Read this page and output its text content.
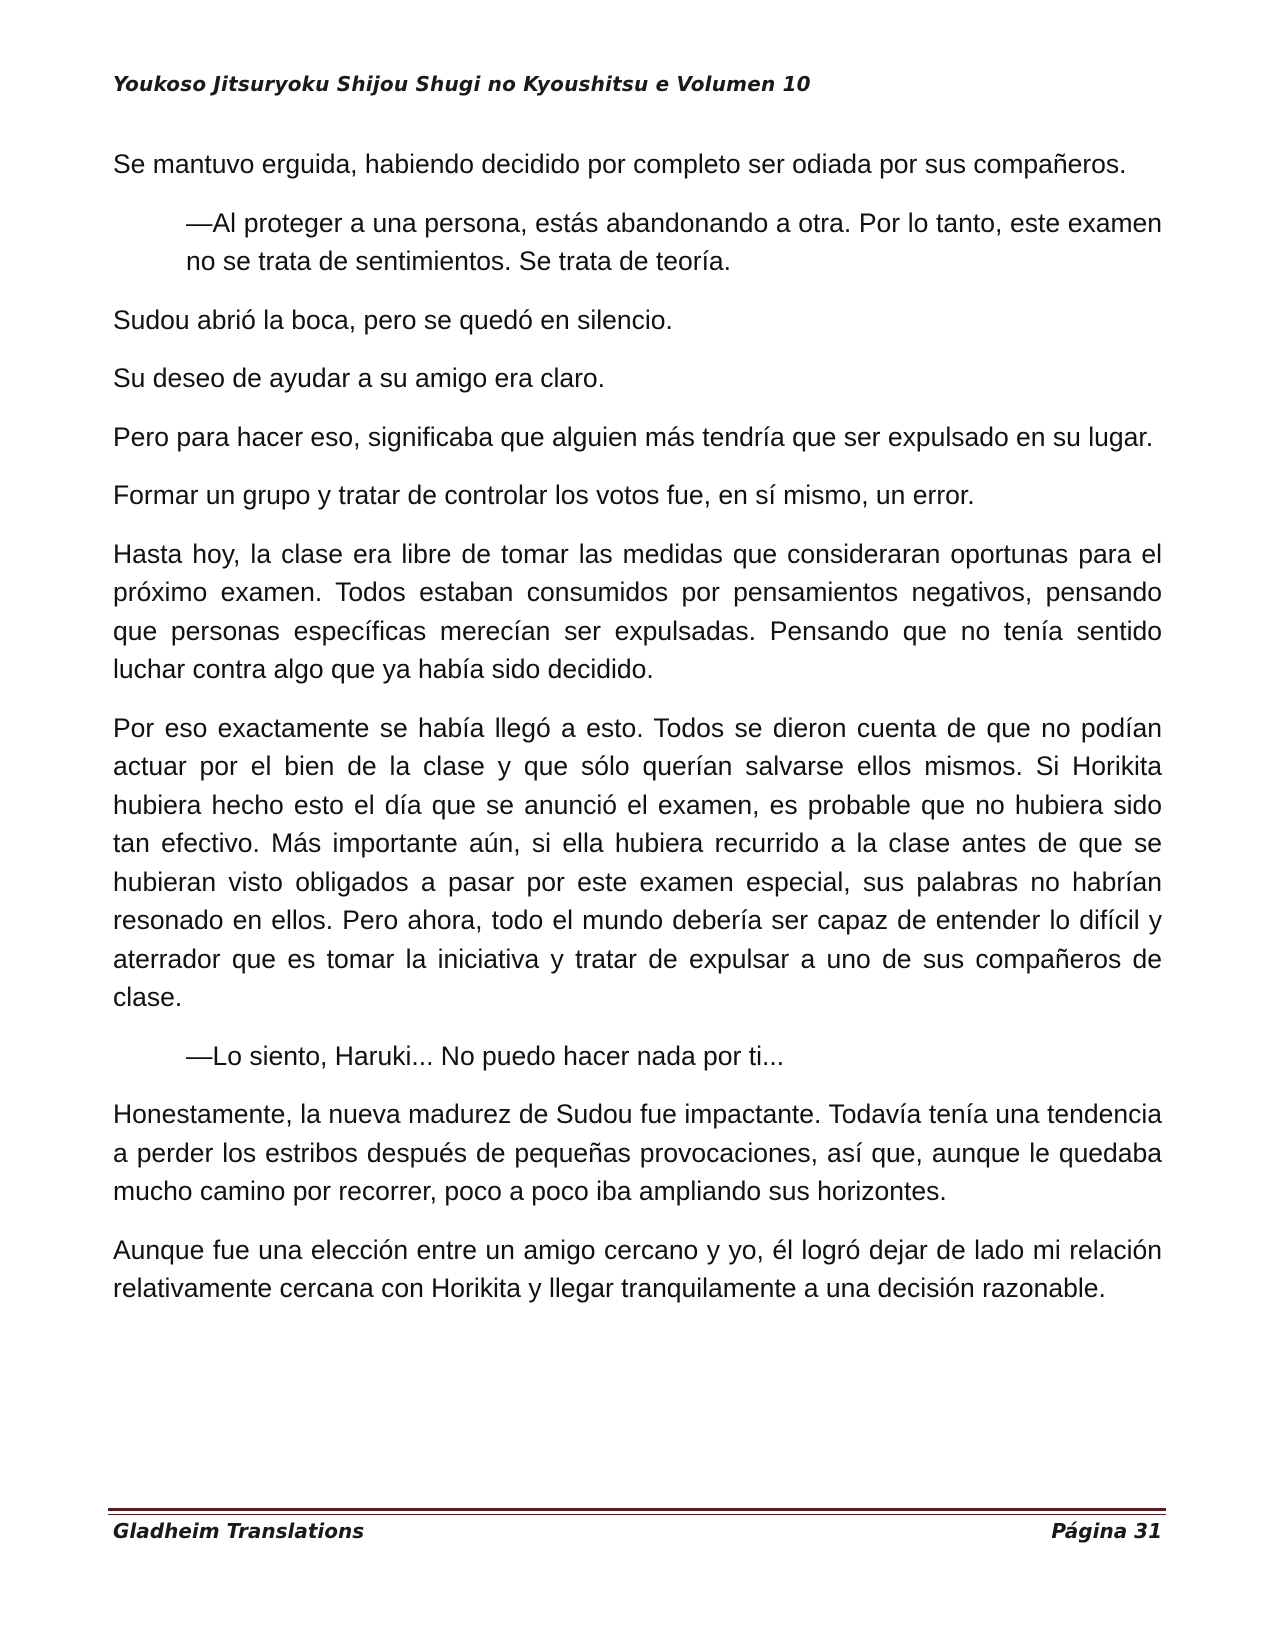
Youkoso Jitsuryoku Shijou Shugi no Kyoushitsu e Volumen 10

Se mantuvo erguida, habiendo decidido por completo ser odiada por sus compañeros.

—Al proteger a una persona, estás abandonando a otra. Por lo tanto, este examen no se trata de sentimientos. Se trata de teoría.

Sudou abrió la boca, pero se quedó en silencio.

Su deseo de ayudar a su amigo era claro.

Pero para hacer eso, significaba que alguien más tendría que ser expulsado en su lugar.

Formar un grupo y tratar de controlar los votos fue, en sí mismo, un error.

Hasta hoy, la clase era libre de tomar las medidas que consideraran oportunas para el próximo examen. Todos estaban consumidos por pensamientos negativos, pensando que personas específicas merecían ser expulsadas. Pensando que no tenía sentido luchar contra algo que ya había sido decidido.

Por eso exactamente se había llegó a esto. Todos se dieron cuenta de que no podían actuar por el bien de la clase y que sólo querían salvarse ellos mismos. Si Horikita hubiera hecho esto el día que se anunció el examen, es probable que no hubiera sido tan efectivo. Más importante aún, si ella hubiera recurrido a la clase antes de que se hubieran visto obligados a pasar por este examen especial, sus palabras no habrían resonado en ellos. Pero ahora, todo el mundo debería ser capaz de entender lo difícil y aterrador que es tomar la iniciativa y tratar de expulsar a uno de sus compañeros de clase.

—Lo siento, Haruki... No puedo hacer nada por ti...

Honestamente, la nueva madurez de Sudou fue impactante. Todavía tenía una tendencia a perder los estribos después de pequeñas provocaciones, así que, aunque le quedaba mucho camino por recorrer, poco a poco iba ampliando sus horizontes.

Aunque fue una elección entre un amigo cercano y yo, él logró dejar de lado mi relación relativamente cercana con Horikita y llegar tranquilamente a una decisión razonable.

Gladheim Translations	Página 31
